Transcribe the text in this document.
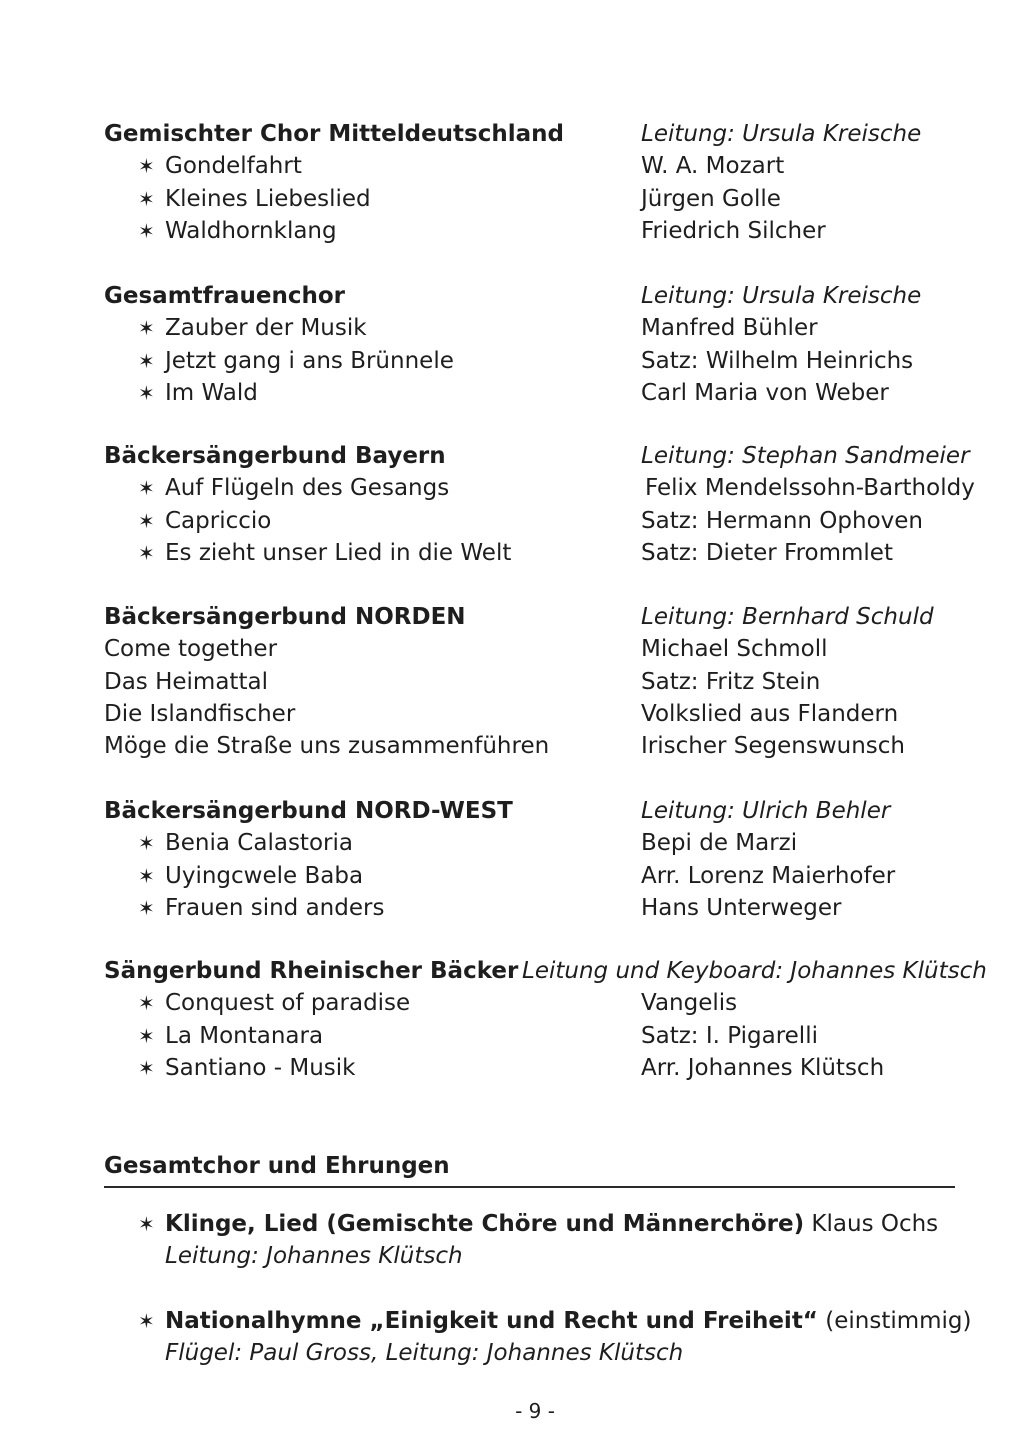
Gemischter Chor Mitteldeutschland	Leitung: Ursula Kreische
✶ Gondelfahrt	W. A. Mozart
✶ Kleines Liebeslied	Jürgen Golle
✶ Waldhornklang	Friedrich Silcher
Gesamtfrauenchor	Leitung: Ursula Kreische
✶ Zauber der Musik	Manfred Bühler
✶ Jetzt gang i ans Brünnele	Satz: Wilhelm Heinrichs
✶ Im Wald	Carl Maria von Weber
Bäckersängerbund Bayern	Leitung: Stephan Sandmeier
✶ Auf Flügeln des Gesangs	Felix Mendelssohn-Bartholdy
✶ Capriccio	Satz: Hermann Ophoven
✶ Es zieht unser Lied in die Welt	Satz: Dieter Frommlet
Bäckersängerbund NORDEN	Leitung: Bernhard Schuld
Come together	Michael Schmoll
Das Heimattal	Satz: Fritz Stein
Die Islandfischer	Volkslied aus Flandern
Möge die Straße uns zusammenführen	Irischer Segenswunsch
Bäckersängerbund NORD-WEST	Leitung: Ulrich Behler
✶ Benia Calastoria	Bepi de Marzi
✶ Uyingcwele Baba	Arr. Lorenz Maierhofer
✶ Frauen sind anders	Hans Unterweger
Sängerbund Rheinischer Bäcker Leitung und Keyboard: Johannes Klütsch
✶ Conquest of paradise	Vangelis
✶ La Montanara	Satz: I. Pigarelli
✶ Santiano - Musik	Arr. Johannes Klütsch
Gesamtchor und Ehrungen
✶ Klinge, Lied (Gemischte Chöre und Männerchöre) Klaus Ochs
Leitung: Johannes Klütsch
✶ Nationalhymne „Einigkeit und Recht und Freiheit“ (einstimmig)
Flügel: Paul Gross, Leitung: Johannes Klütsch
- 9 -
